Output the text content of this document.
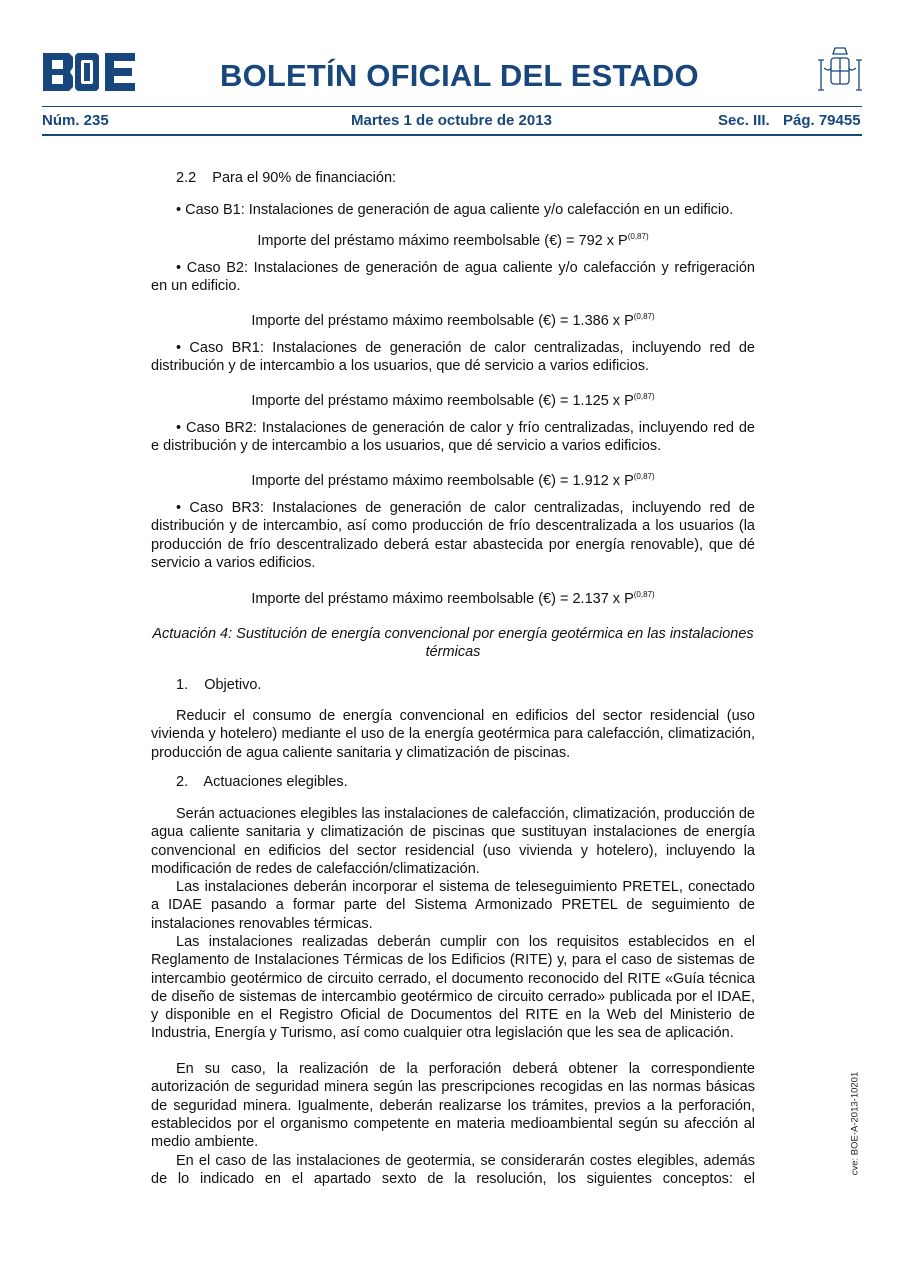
BOLETÍN OFICIAL DEL ESTADO
Núm. 235	Martes 1 de octubre de 2013	Sec. III. Pág. 79455
2.2    Para el 90% de financiación:
• Caso B1: Instalaciones de generación de agua caliente y/o calefacción en un edificio.
Importe del préstamo máximo reembolsable (€) = 792 x P$^{(0,87)}$

• Caso B2: Instalaciones de generación de agua caliente y/o calefacción y refrigeración en un edificio.

Importe del préstamo máximo reembolsable (€) = 1.386 x P$^{(0,87)}$

• Caso BR1: Instalaciones de generación de calor centralizadas, incluyendo red de distribución y de intercambio a los usuarios, que dé servicio a varios edificios.

Importe del préstamo máximo reembolsable (€) = 1.125 x P$^{(0,87)}$

• Caso BR2: Instalaciones de generación de calor y frío centralizadas, incluyendo red de e distribución y de intercambio a los usuarios, que dé servicio a varios edificios.

Importe del préstamo máximo reembolsable (€) = 1.912 x P$^{(0,87)}$

• Caso BR3: Instalaciones de generación de calor centralizadas, incluyendo red de distribución y de intercambio, así como producción de frío descentralizada a los usuarios (la producción de frío descentralizado deberá estar abastecida por energía renovable), que dé servicio a varios edificios.

Importe del préstamo máximo reembolsable (€) = 2.137 x P$^{(0,87)}$

Actuación 4: Sustitución de energía convencional por energía geotérmica en las instalaciones térmicas

1.    Objetivo.

Reducir el consumo de energía convencional en edificios del sector residencial (uso vivienda y hotelero) mediante el uso de la energía geotérmica para calefacción, climatización, producción de agua caliente sanitaria y climatización de piscinas.

2.    Actuaciones elegibles.

Serán actuaciones elegibles las instalaciones de calefacción, climatización, producción de agua caliente sanitaria y climatización de piscinas que sustituyan instalaciones de energía convencional en edificios del sector residencial (uso vivienda y hotelero), incluyendo la modificación de redes de calefacción/climatización.

Las instalaciones deberán incorporar el sistema de teleseguimiento PRETEL, conectado a IDAE pasando a formar parte del Sistema Armonizado PRETEL de seguimiento de instalaciones renovables térmicas.

Las instalaciones realizadas deberán cumplir con los requisitos establecidos en el Reglamento de Instalaciones Térmicas de los Edificios (RITE) y, para el caso de sistemas de intercambio geotérmico de circuito cerrado, el documento reconocido del RITE «Guía técnica de diseño de sistemas de intercambio geotérmico de circuito cerrado» publicada por el IDAE, y disponible en el Registro Oficial de Documentos del RITE en la Web del Ministerio de Industria, Energía y Turismo, así como cualquier otra legislación que les sea de aplicación.

En su caso, la realización de la perforación deberá obtener la correspondiente autorización de seguridad minera según las prescripciones recogidas en las normas básicas de seguridad minera. Igualmente, deberán realizarse los trámites, previos a la perforación, establecidos por el organismo competente en materia medioambiental según su afección al medio ambiente.

En el caso de las instalaciones de geotermia, se considerarán costes elegibles, además de lo indicado en el apartado sexto de la resolución, los siguientes conceptos: el

cve: BOE-A-2013-10201
